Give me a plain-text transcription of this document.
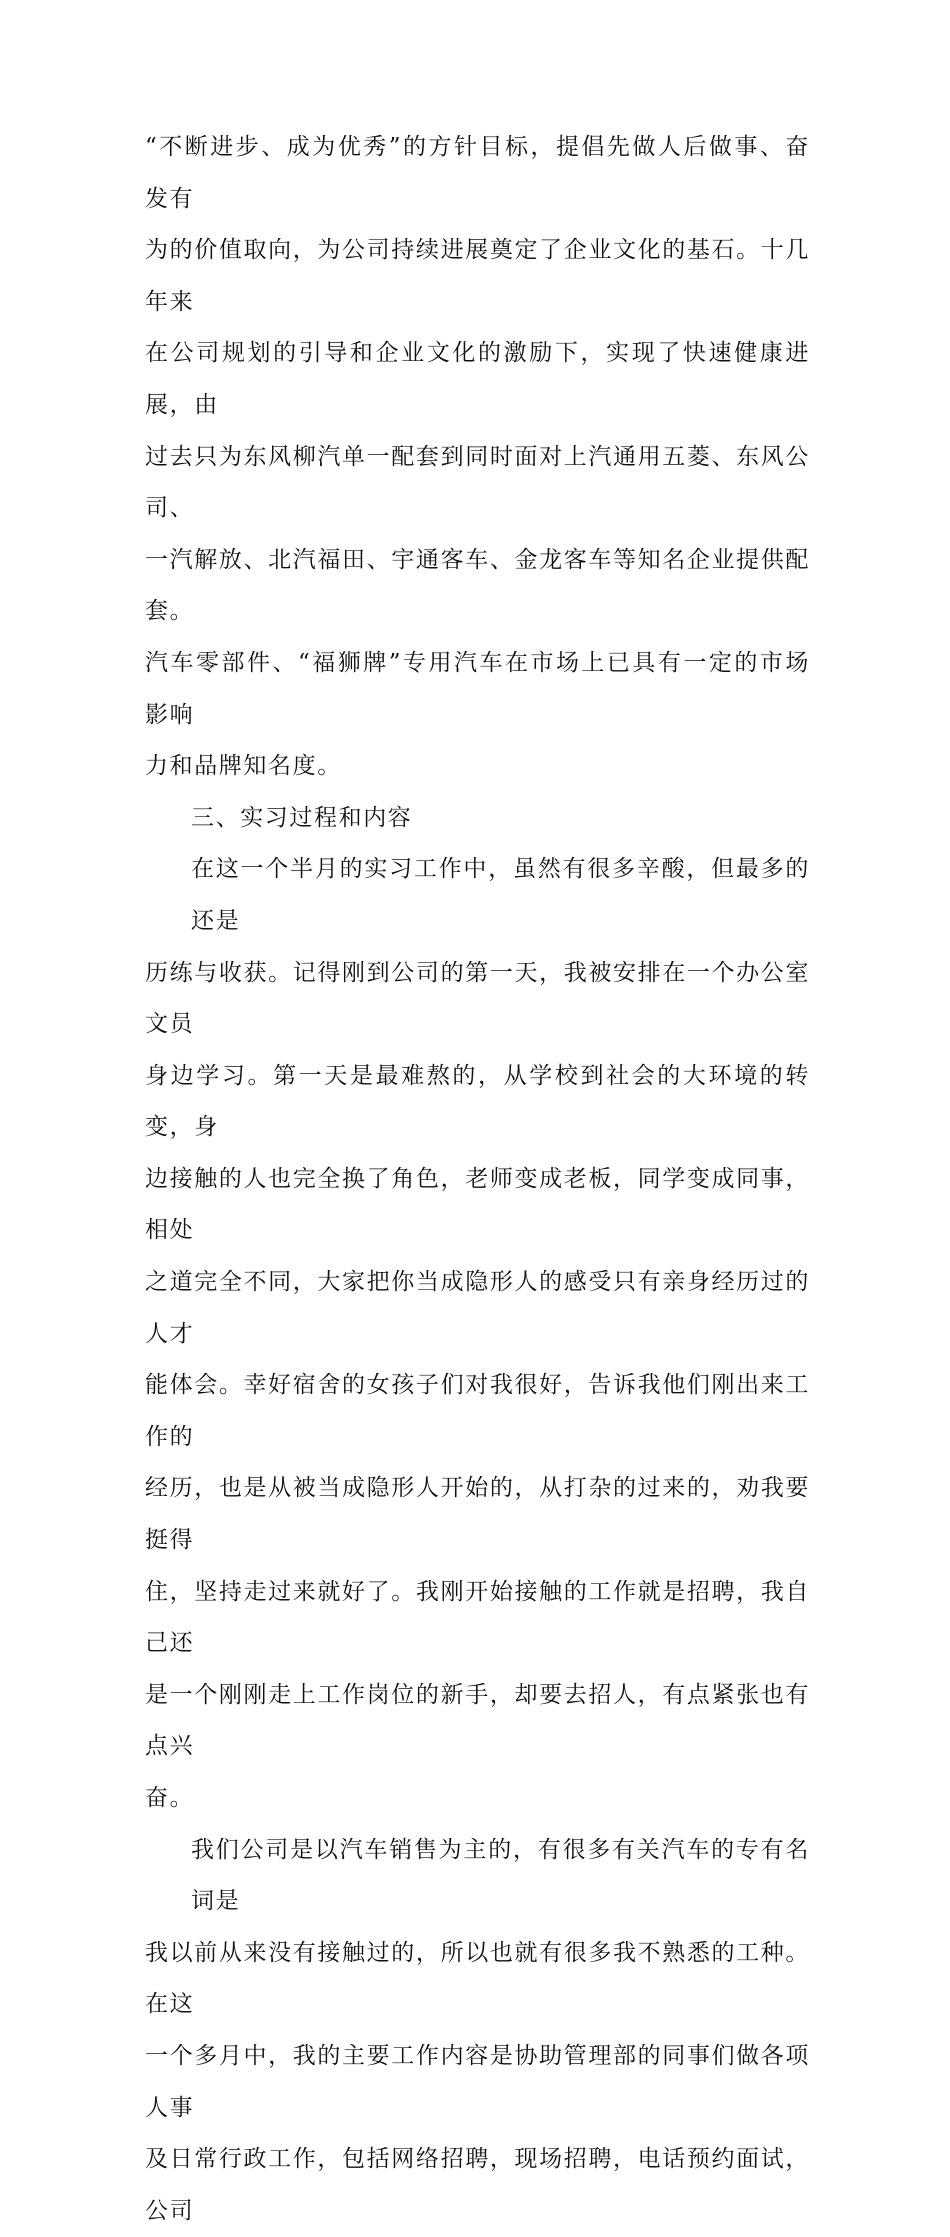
“不断进步、成为优秀”的方针目标，提倡先做人后做事、奋发有
为的价值取向，为公司持续进展奠定了企业文化的基石。十几年来
在公司规划的引导和企业文化的激励下，实现了快速健康进展，由
过去只为东风柳汽单一配套到同时面对上汽通用五菱、东风公司、
一汽解放、北汽福田、宇通客车、金龙客车等知名企业提供配套。
汽车零部件、“福狮牌”专用汽车在市场上已具有一定的市场影响
力和品牌知名度。
三、实习过程和内容
在这一个半月的实习工作中，虽然有很多辛酸，但最多的还是
历练与收获。记得刚到公司的第一天，我被安排在一个办公室文员
身边学习。第一天是最难熬的，从学校到社会的大环境的转变，身
边接触的人也完全换了角色，老师变成老板，同学变成同事，相处
之道完全不同，大家把你当成隐形人的感受只有亲身经历过的人才
能体会。幸好宿舍的女孩子们对我很好，告诉我他们刚出来工作的
经历，也是从被当成隐形人开始的，从打杂的过来的，劝我要挺得
住，坚持走过来就好了。我刚开始接触的工作就是招聘，我自己还
是一个刚刚走上工作岗位的新手，却要去招人，有点紧张也有点兴
奋。
我们公司是以汽车销售为主的，有很多有关汽车的专有名词是
我以前从来没有接触过的，所以也就有很多我不熟悉的工种。在这
一个多月中，我的主要工作内容是协助管理部的同事们做各项人事
及日常行政工作，包括网络招聘，现场招聘，电话预约面试，公司
